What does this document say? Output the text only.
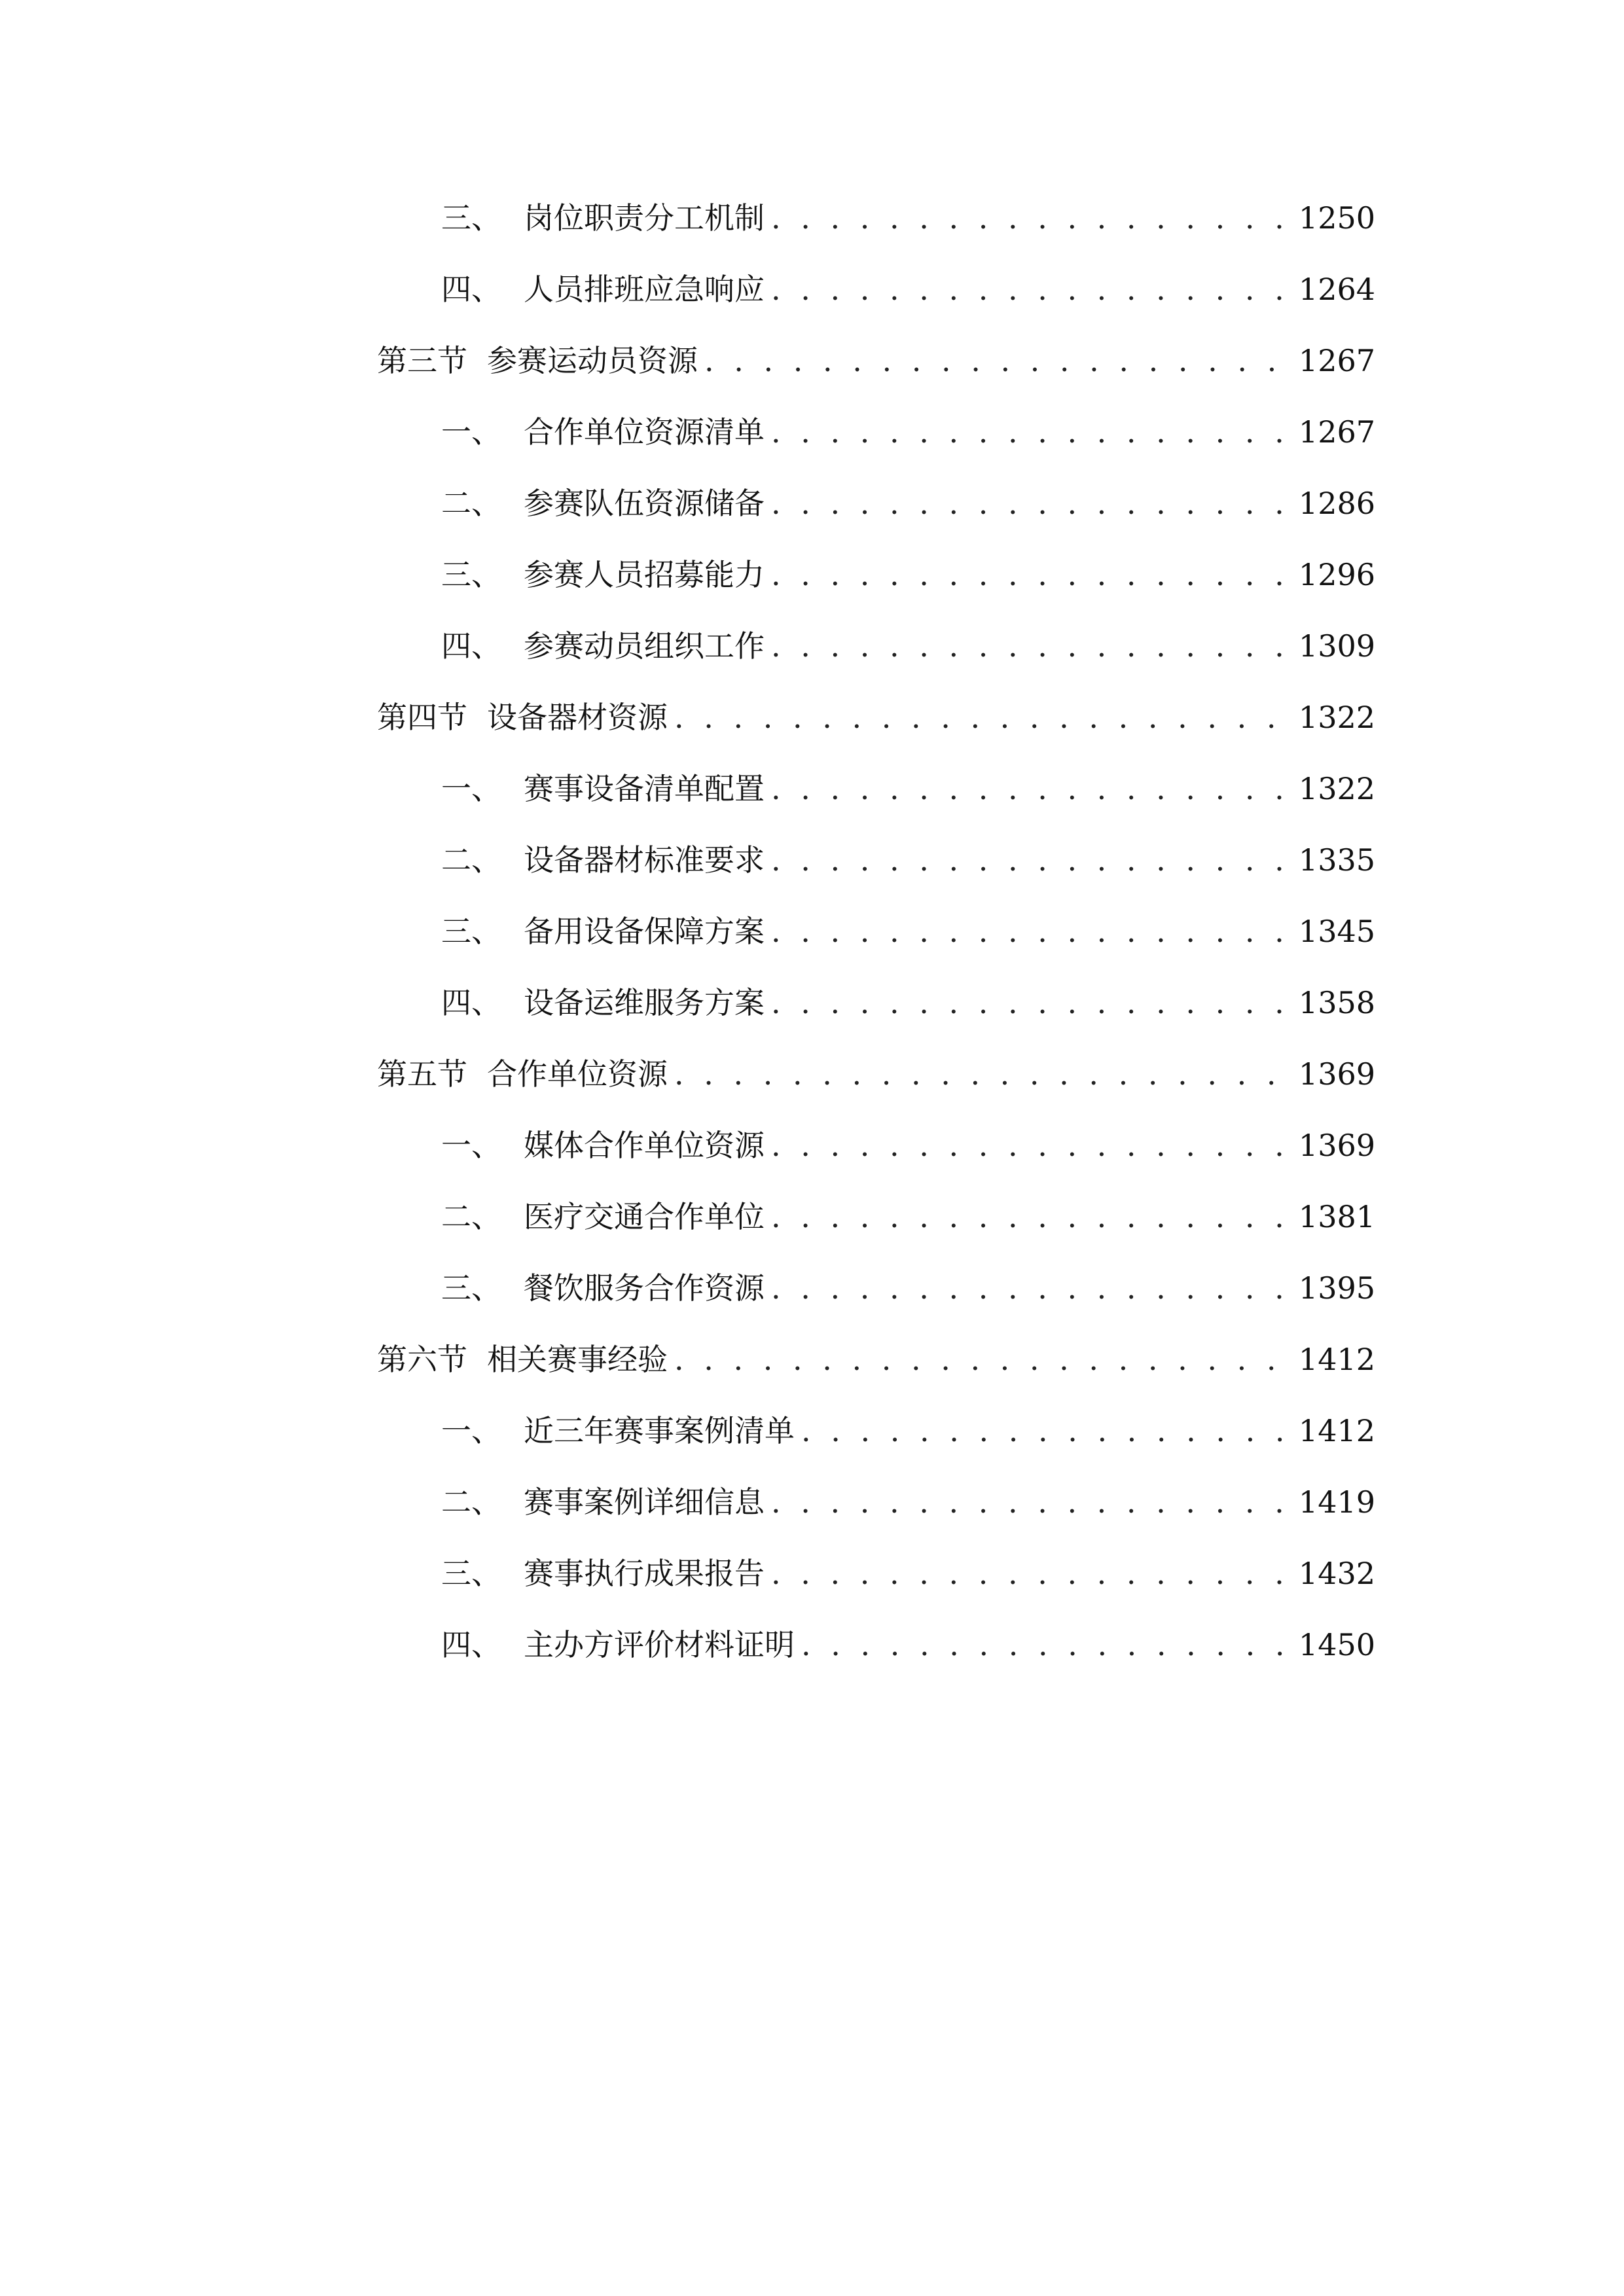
三、 岗位职责分工机制 . . .	1250
四、 人员排班应急响应 . . .	1264
第三节 参赛运动员资源 . . .	1267
一、 合作单位资源清单 . . .	1267
二、 参赛队伍资源储备 . . .	1286
三、 参赛人员招募能力 . . .	1296
四、 参赛动员组织工作 . . .	1309
第四节 设备器材资源 . . .	1322
一、 赛事设备清单配置 . . .	1322
二、 设备器材标准要求 . . .	1335
三、 备用设备保障方案 . . .	1345
四、 设备运维服务方案 . . .	1358
第五节 合作单位资源 . . .	1369
一、 媒体合作单位资源 . . .	1369
二、 医疗交通合作单位 . . .	1381
三、 餐饮服务合作资源 . . .	1395
第六节 相关赛事经验 . . .	1412
一、 近三年赛事案例清单 . . .	1412
二、 赛事案例详细信息 . . .	1419
三、 赛事执行成果报告 . . .	1432
四、 主办方评价材料证明 . . .	1450
